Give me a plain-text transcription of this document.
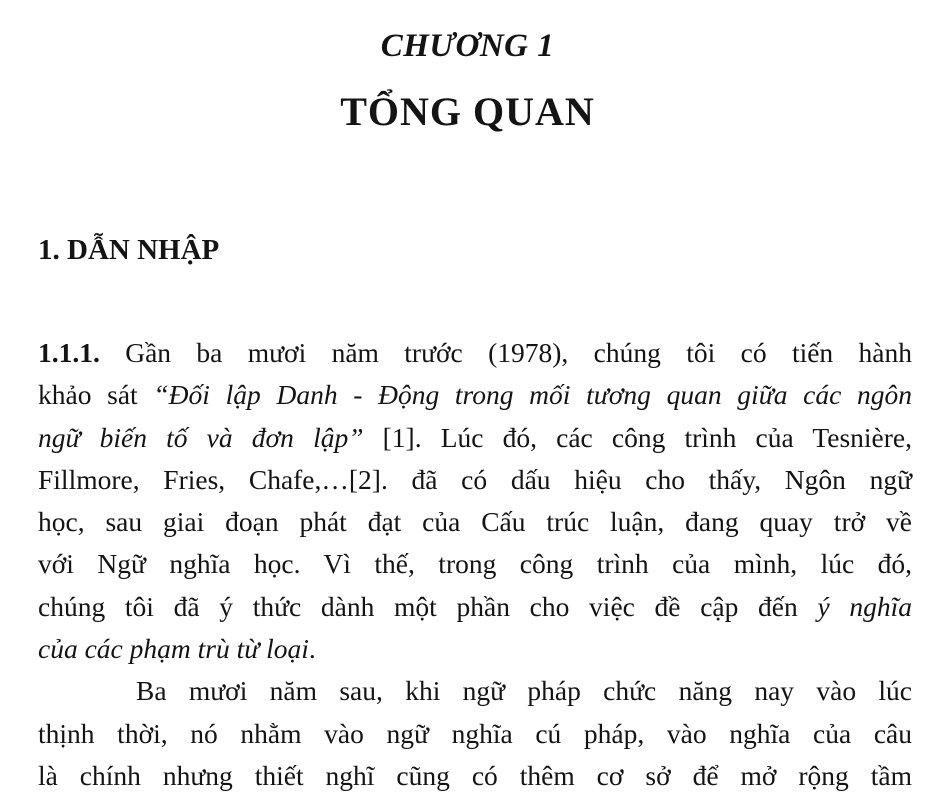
CHƯƠNG 1
TỔNG QUAN
1. DẪN NHẬP
1.1.1. Gần ba mươi năm trước (1978), chúng tôi có tiến hành
khảo sát “Đối lập Danh - Động trong mối tương quan giữa các ngôn
ngữ biến tố và đơn lập” [1]. Lúc đó, các công trình của Tesnière,
Fillmore, Fries, Chafe,…[2]. đã có dấu hiệu cho thấy, Ngôn ngữ
học, sau giai đoạn phát đạt của Cấu trúc luận, đang quay trở về
với Ngữ nghĩa học. Vì thế, trong công trình của mình, lúc đó,
chúng tôi đã ý thức dành một phần cho việc đề cập đến ý nghĩa
của các phạm trù từ loại.
Ba mươi năm sau, khi ngữ pháp chức năng nay vào lúc
thịnh thời, nó nhằm vào ngữ nghĩa cú pháp, vào nghĩa của câu
là chính nhưng thiết nghĩ cũng có thêm cơ sở để mở rộng tầm
